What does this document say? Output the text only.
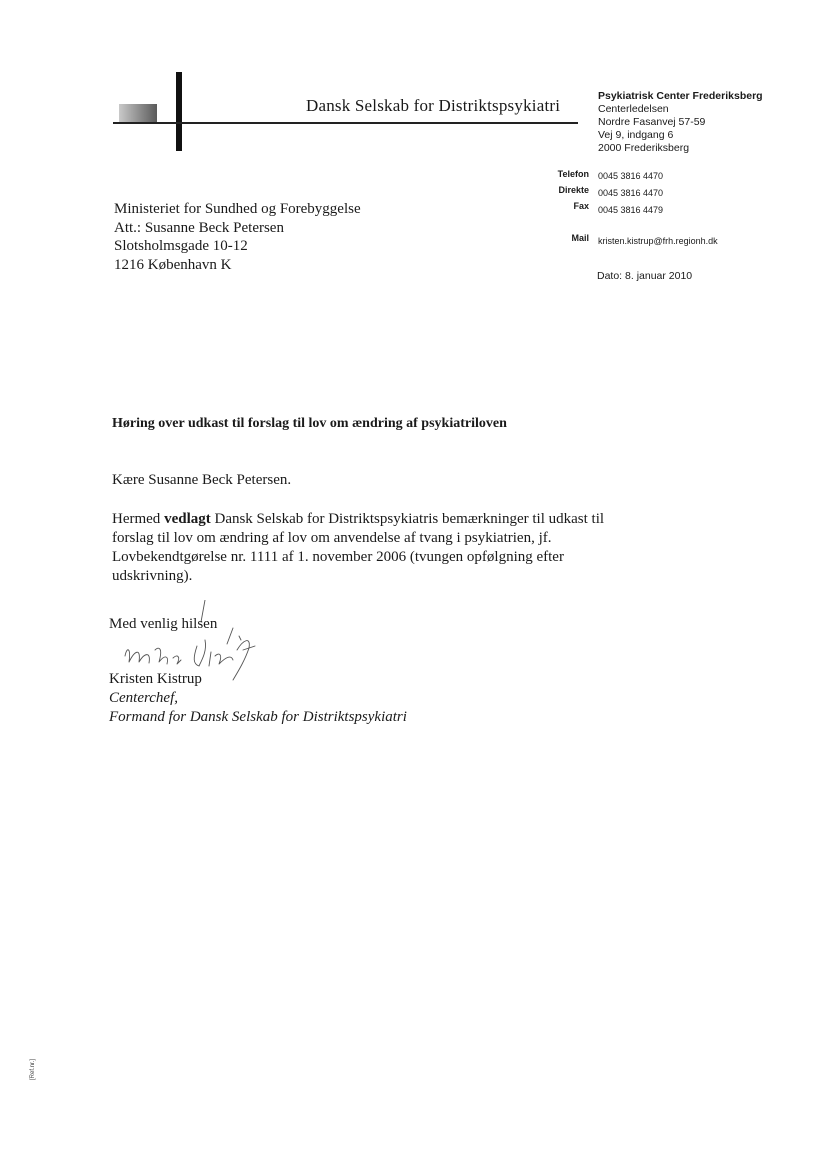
Dansk Selskab for Distriktspsykiatri	Psykiatrisk Center Frederiksberg
Centerledelsen
Nordre Fasanvej 57-59
Vej 9, indgang 6
2000 Frederiksberg
Telefon 0045 3816 4470
Direkte 0045 3816 4470
Fax 0045 3816 4479
Mail kristen.kistrup@frh.regionh.dk
Ministeriet for Sundhed og Forebyggelse
Att.: Susanne Beck Petersen
Slotsholmsgade 10-12
1216 København K
Dato: 8. januar 2010
Høring over udkast til forslag til lov om ændring af psykiatriloven
Kære Susanne Beck Petersen.
Hermed vedlagt Dansk Selskab for Distriktspsykiatris bemærkninger til udkast til
forslag til lov om ændring af lov om anvendelse af tvang i psykiatrien, jf.
Lovbekendtgørelse nr. 1111 af 1. november 2006 (tvungen opfølgning efter
udskrivning).
Med venlig hilsen
Kristen Kistrup
Centerchef,
Formand for Dansk Selskab for Distriktspsykiatri
[Ref.nr.]
